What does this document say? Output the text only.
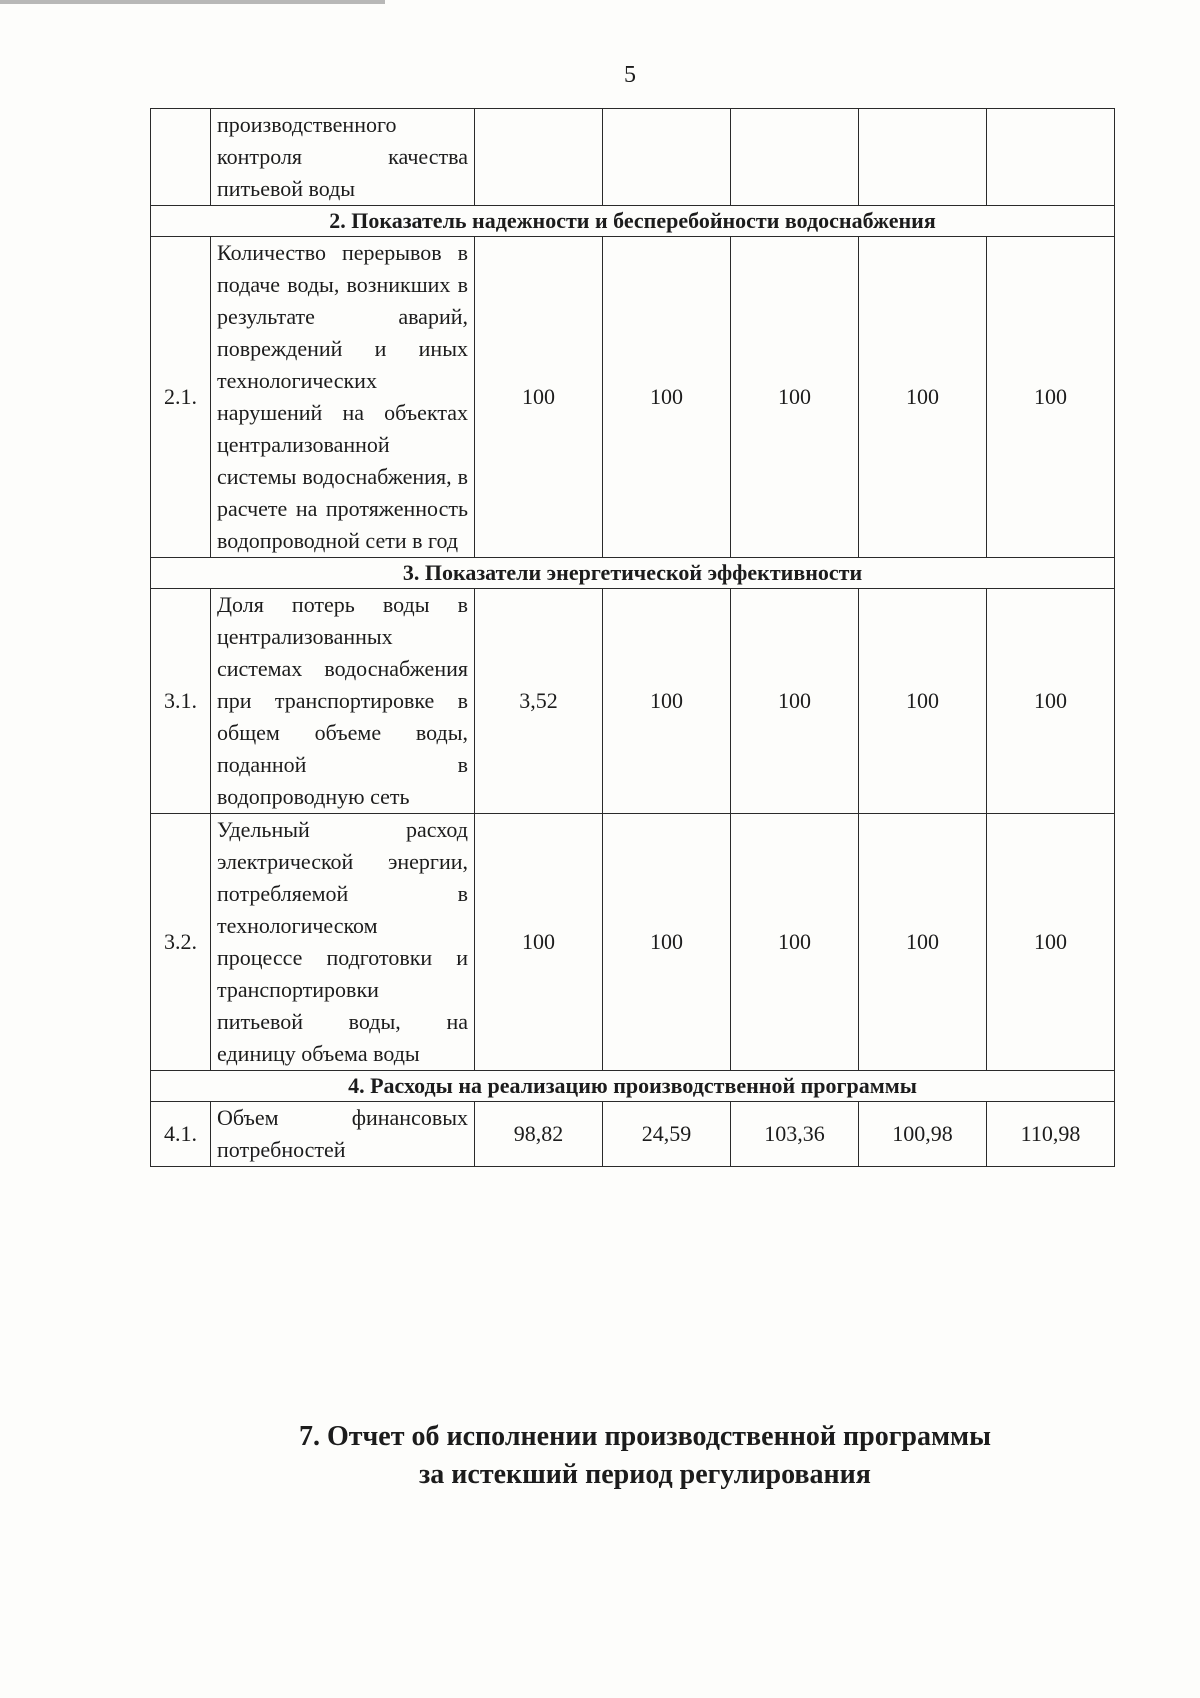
5
	производственного контроля качества питьевой воды					
2. Показатель надежности и бесперебойности водоснабжения						
2.1.	Количество перерывов в подаче воды, возникших в результате аварий, повреждений и иных технологических нарушений на объектах централизованной системы водоснабжения, в расчете на протяженность водопроводной сети в год	100	100	100	100	100
3. Показатели энергетической эффективности						
3.1.	Доля потерь воды в централизованных системах водоснабжения при транспортировке в общем объеме воды, поданной в водопроводную сеть	3,52	100	100	100	100
3.2.	Удельный расход электрической энергии, потребляемой в технологическом процессе подготовки и транспортировки питьевой воды, на единицу объема воды	100	100	100	100	100
4. Расходы на реализацию производственной программы						
4.1.	Объем финансовых потребностей	98,82	24,59	103,36	100,98	110,98
7. Отчет об исполнении производственной программы
за истекший период регулирования
